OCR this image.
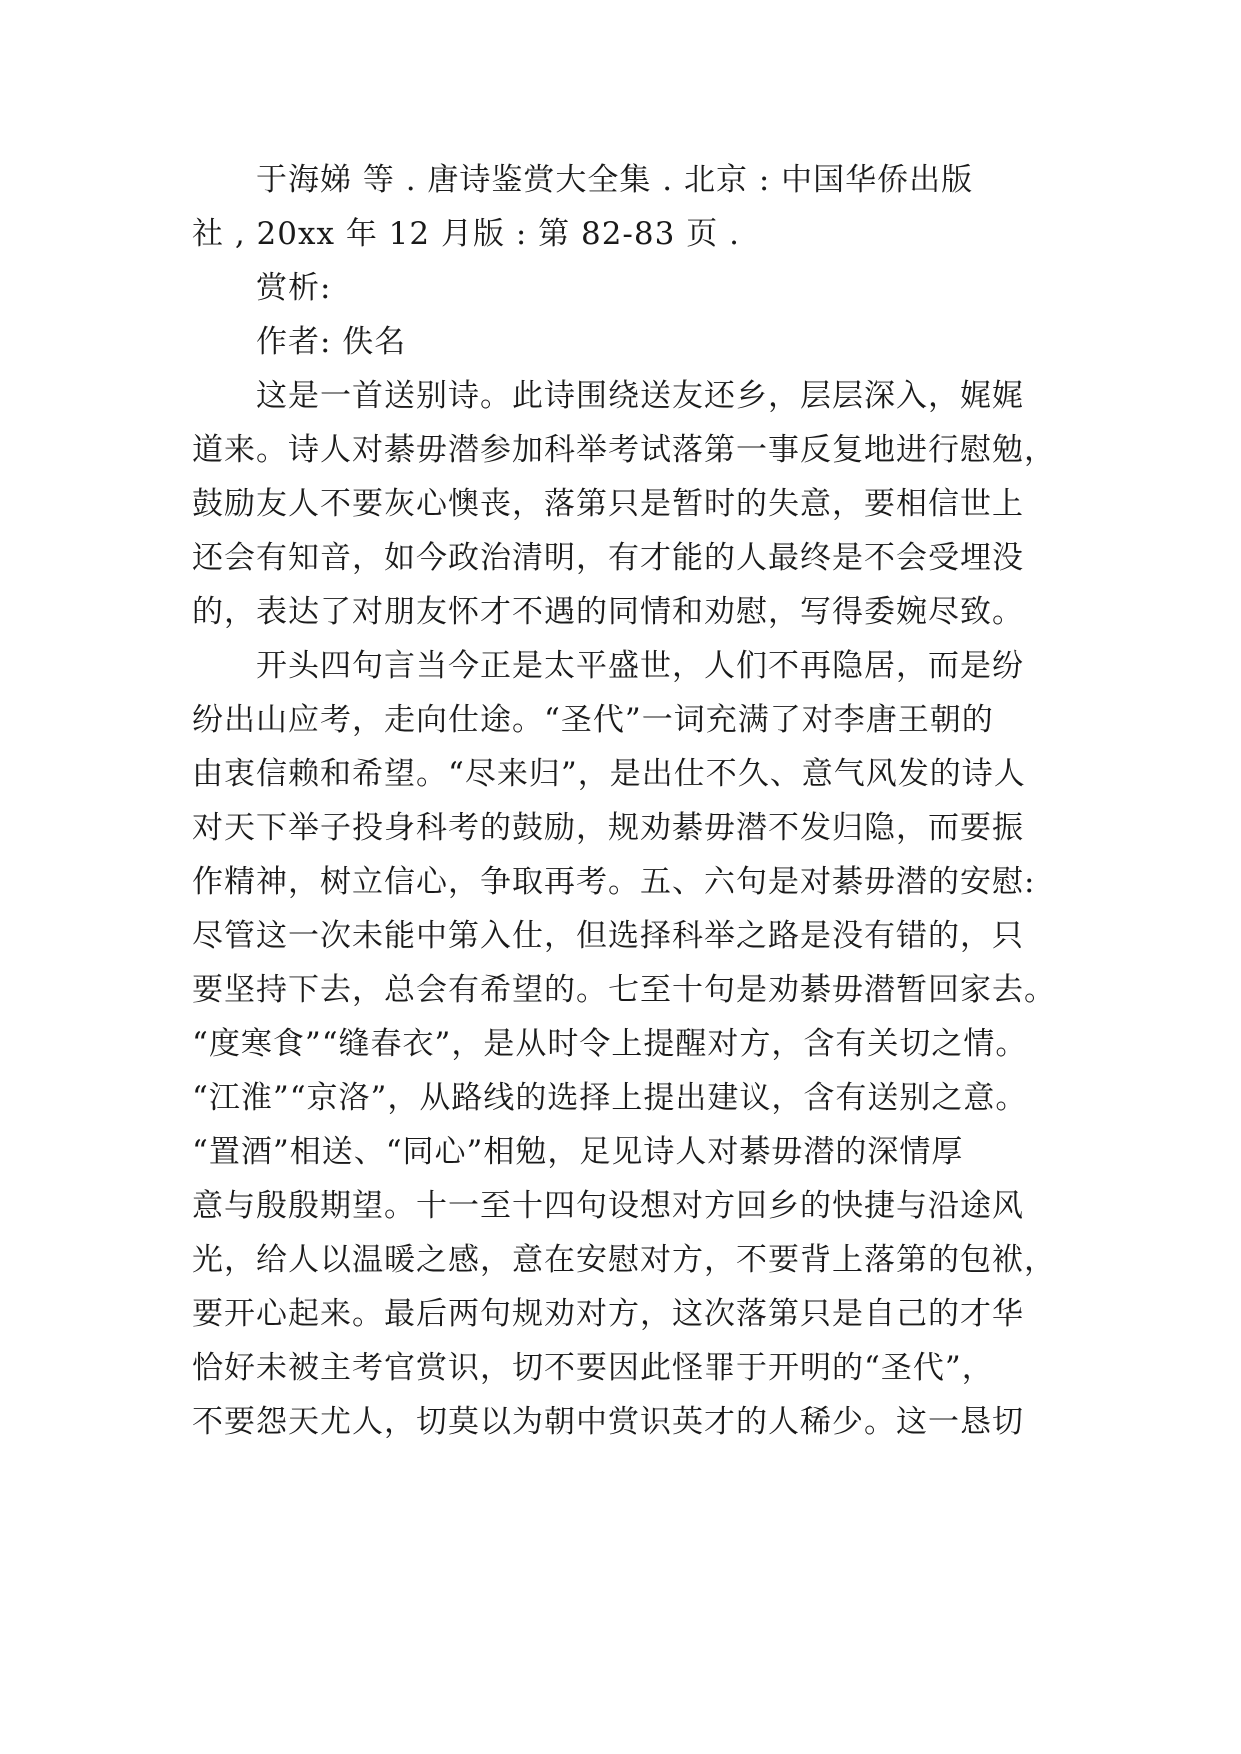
于海娣 等 . 唐诗鉴赏大全集 . 北京 : 中国华侨出版
社 , 20xx 年 12 月版 : 第 82-83 页 .
赏析:
作者: 佚名
这是一首送别诗。此诗围绕送友还乡，层层深入，娓娓
道来。诗人对綦毋潜参加科举考试落第一事反复地进行慰勉，
鼓励友人不要灰心懊丧，落第只是暂时的失意，要相信世上
还会有知音，如今政治清明，有才能的人最终是不会受埋没
的，表达了对朋友怀才不遇的同情和劝慰，写得委婉尽致。
开头四句言当今正是太平盛世，人们不再隐居，而是纷
纷出山应考，走向仕途。“圣代”一词充满了对李唐王朝的
由衷信赖和希望。“尽来归”，是出仕不久、意气风发的诗人
对天下举子投身科考的鼓励，规劝綦毋潜不发归隐，而要振
作精神，树立信心，争取再考。五、六句是对綦毋潜的安慰:
尽管这一次未能中第入仕，但选择科举之路是没有错的，只
要坚持下去，总会有希望的。七至十句是劝綦毋潜暂回家去。
“度寒食”“缝春衣”，是从时令上提醒对方，含有关切之情。
“江淮”“京洛”，从路线的选择上提出建议，含有送别之意。
“置酒”相送、“同心”相勉，足见诗人对綦毋潜的深情厚
意与殷殷期望。十一至十四句设想对方回乡的快捷与沿途风
光，给人以温暖之感，意在安慰对方，不要背上落第的包袱，
要开心起来。最后两句规劝对方，这次落第只是自己的才华
恰好未被主考官赏识，切不要因此怪罪于开明的“圣代”，
不要怨天尤人，切莫以为朝中赏识英才的人稀少。这一恳切
